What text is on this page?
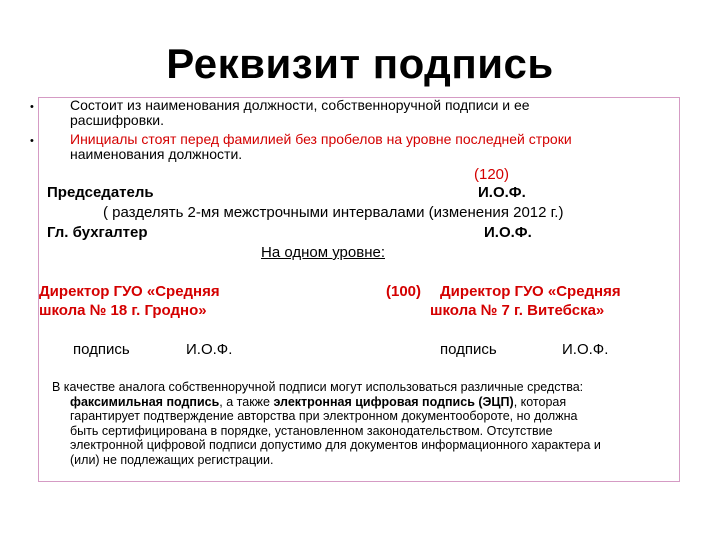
Реквизит подпись
•	Состоит из наименования должности, собственноручной подписи и ее
расшифровки.
•	Инициалы стоят перед фамилией без пробелов на уровне последней строки
наименования должности.
(120)
Председатель	И.О.Ф.
( разделять 2-мя межстрочными интервалами (изменения 2012 г.)
Гл. бухгалтер	И.О.Ф.
На одном уровне:
Директор ГУО «Средняя
школа № 18 г. Гродно»
подпись	И.О.Ф.
(100) Директор ГУО «Средняя
школа № 7 г. Витебска»
подпись	И.О.Ф.
В качестве аналога собственноручной подписи могут использоваться различные средства:
факсимильная подпись, а также электронная цифровая подпись (ЭЦП), которая
гарантирует подтверждение авторства при электронном документообороте, но должна
быть сертифицирована в порядке, установленном законодательством. Отсутствие
электронной цифровой подписи допустимо для документов информационного характера и
(или) не подлежащих регистрации.
